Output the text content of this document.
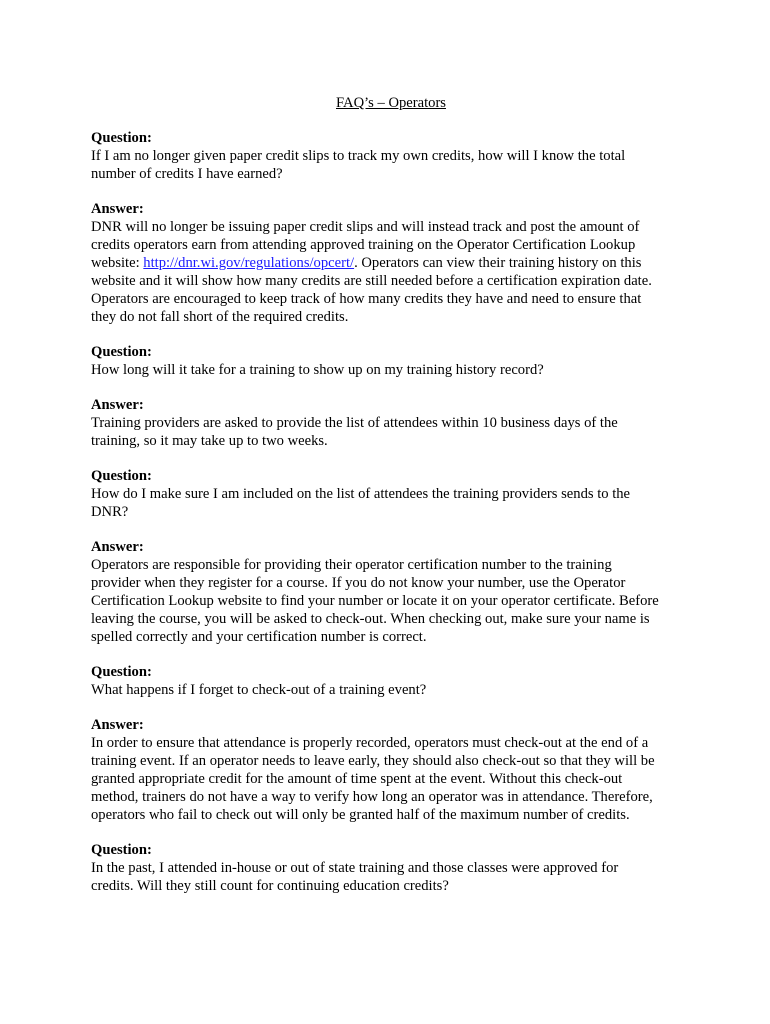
FAQ’s – Operators
Question:
If I am no longer given paper credit slips to track my own credits, how will I know the total
number of credits I have earned?
Answer:
DNR will no longer be issuing paper credit slips and will instead track and post the amount of
credits operators earn from attending approved training on the Operator Certification Lookup
website: http://dnr.wi.gov/regulations/opcert/. Operators can view their training history on this
website and it will show how many credits are still needed before a certification expiration date.
Operators are encouraged to keep track of how many credits they have and need to ensure that
they do not fall short of the required credits.
Question:
How long will it take for a training to show up on my training history record?
Answer:
Training providers are asked to provide the list of attendees within 10 business days of the
training, so it may take up to two weeks.
Question:
How do I make sure I am included on the list of attendees the training providers sends to the
DNR?
Answer:
Operators are responsible for providing their operator certification number to the training
provider when they register for a course. If you do not know your number, use the Operator
Certification Lookup website to find your number or locate it on your operator certificate. Before
leaving the course, you will be asked to check-out. When checking out, make sure your name is
spelled correctly and your certification number is correct.
Question:
What happens if I forget to check-out of a training event?
Answer:
In order to ensure that attendance is properly recorded, operators must check-out at the end of a
training event. If an operator needs to leave early, they should also check-out so that they will be
granted appropriate credit for the amount of time spent at the event. Without this check-out
method, trainers do not have a way to verify how long an operator was in attendance. Therefore,
operators who fail to check out will only be granted half of the maximum number of credits.
Question:
In the past, I attended in-house or out of state training and those classes were approved for
credits. Will they still count for continuing education credits?
